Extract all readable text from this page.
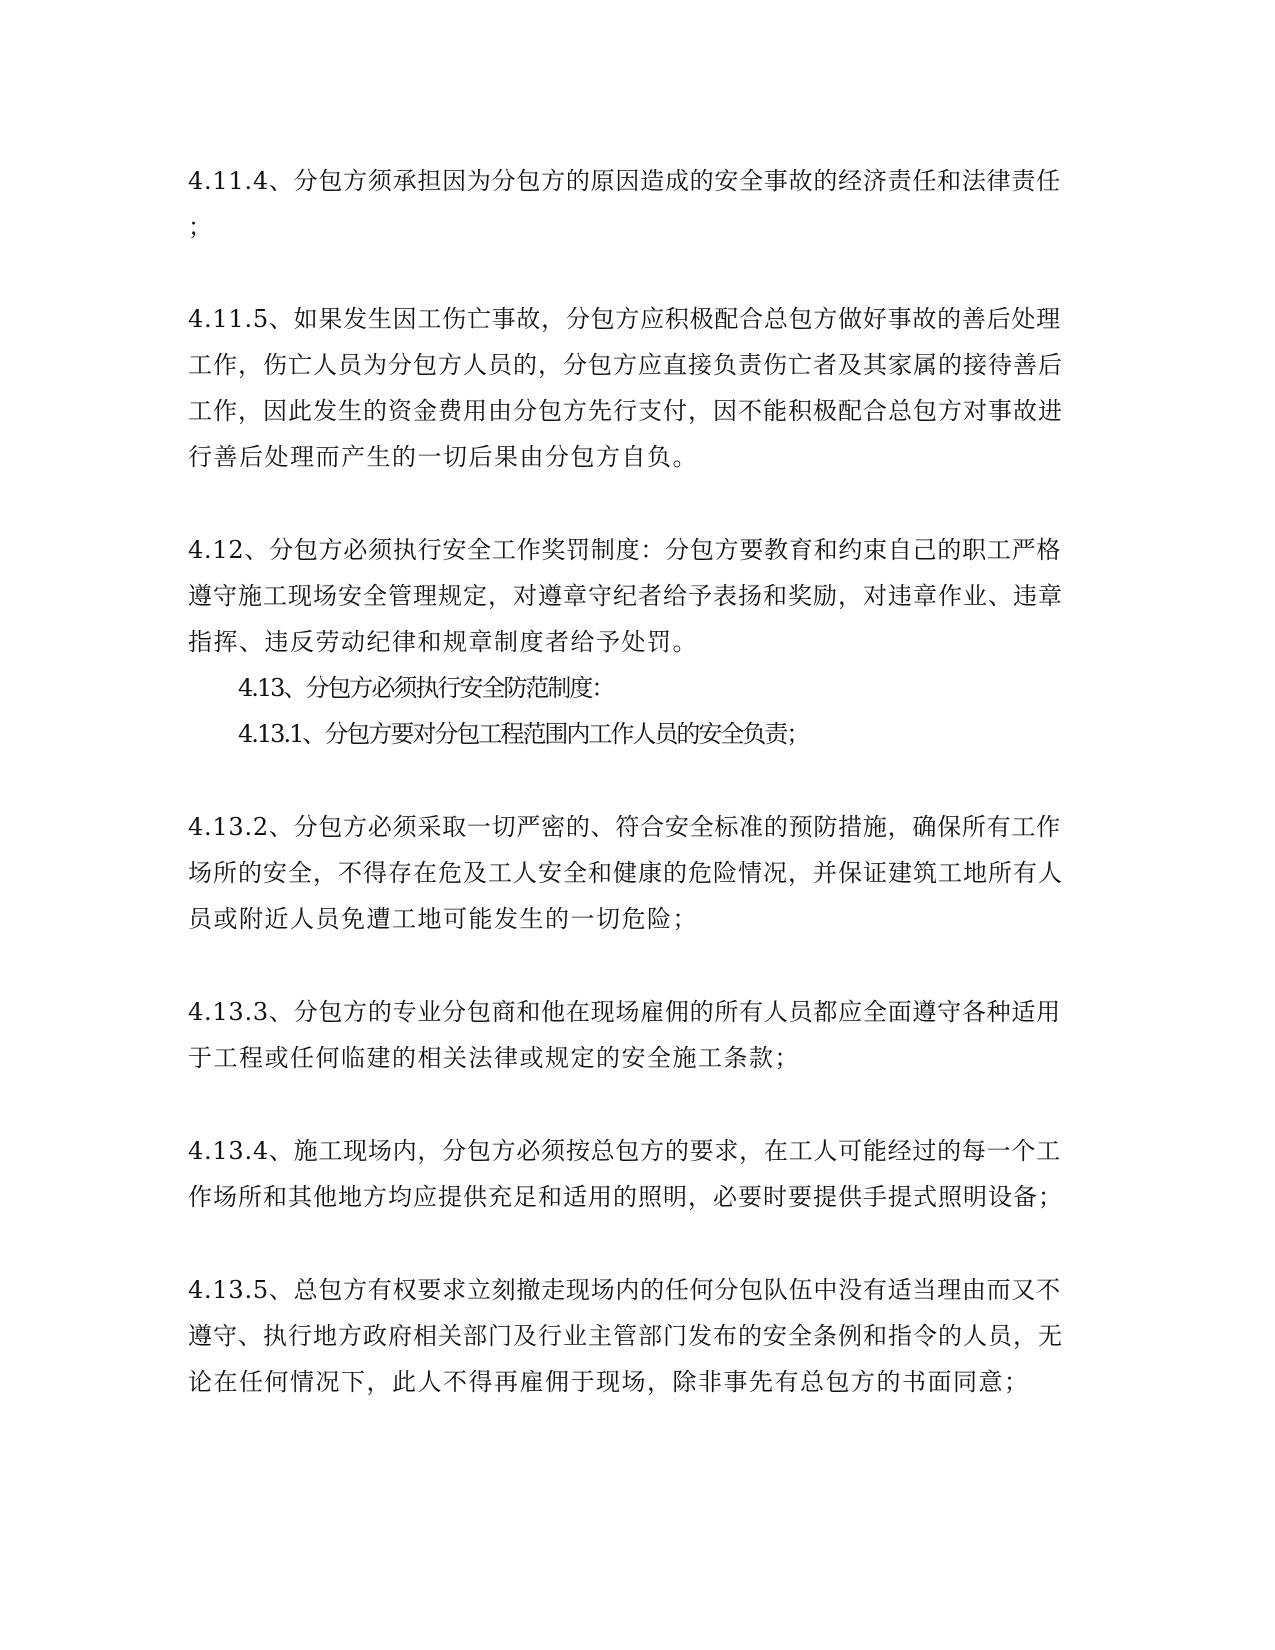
4.11.4、分包方须承担因为分包方的原因造成的安全事故的经济责任和法律责任
；
4.11.5、如果发生因工伤亡事故，分包方应积极配合总包方做好事故的善后处理
工作，伤亡人员为分包方人员的，分包方应直接负责伤亡者及其家属的接待善后
工作，因此发生的资金费用由分包方先行支付，因不能积极配合总包方对事故进
行善后处理而产生的一切后果由分包方自负。
4.12、分包方必须执行安全工作奖罚制度：分包方要教育和约束自己的职工严格
遵守施工现场安全管理规定，对遵章守纪者给予表扬和奖励，对违章作业、违章
指挥、违反劳动纪律和规章制度者给予处罚。
4.13、分包方必须执行安全防范制度：
4.13.1、分包方要对分包工程范围内工作人员的安全负责；
4.13.2、分包方必须采取一切严密的、符合安全标准的预防措施，确保所有工作
场所的安全，不得存在危及工人安全和健康的危险情况，并保证建筑工地所有人
员或附近人员免遭工地可能发生的一切危险；
4.13.3、分包方的专业分包商和他在现场雇佣的所有人员都应全面遵守各种适用
于工程或任何临建的相关法律或规定的安全施工条款；
4.13.4、施工现场内，分包方必须按总包方的要求，在工人可能经过的每一个工
作场所和其他地方均应提供充足和适用的照明，必要时要提供手提式照明设备；
4.13.5、总包方有权要求立刻撤走现场内的任何分包队伍中没有适当理由而又不
遵守、执行地方政府相关部门及行业主管部门发布的安全条例和指令的人员，无
论在任何情况下，此人不得再雇佣于现场，除非事先有总包方的书面同意；
